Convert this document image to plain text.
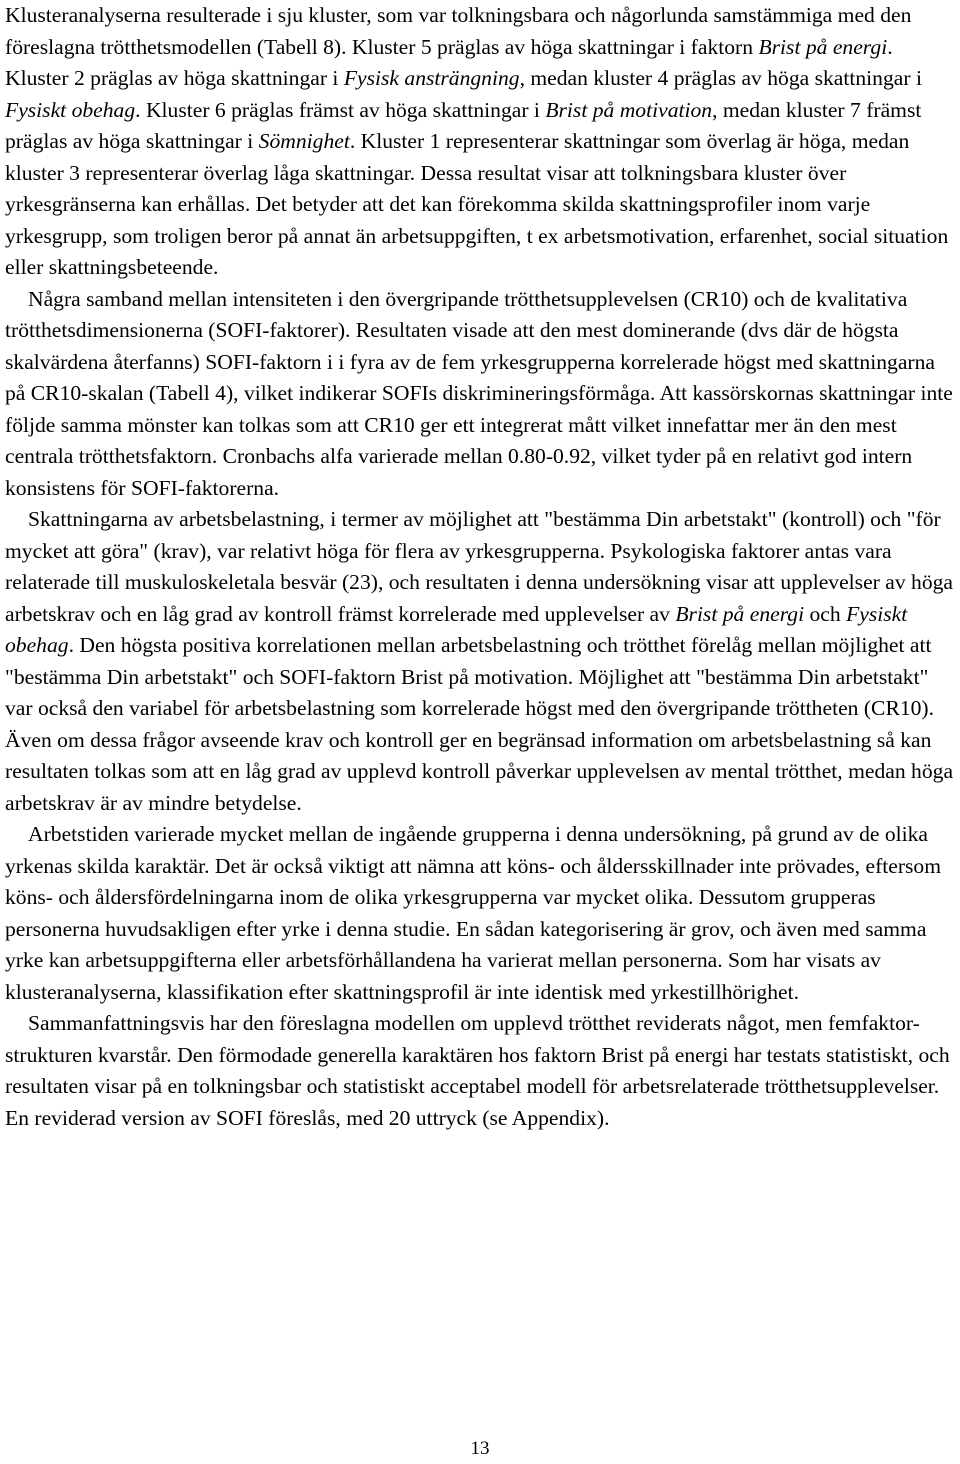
Klusteranalyserna resulterade i sju kluster, som var tolkningsbara och någorlunda samstämmiga med den föreslagna trötthetsmodellen (Tabell 8). Kluster 5 präglas av höga skattningar i faktorn Brist på energi. Kluster 2 präglas av höga skattningar i Fysisk ansträngning, medan kluster 4 präglas av höga skattningar i Fysiskt obehag. Kluster 6 präglas främst av höga skattningar i Brist på motivation, medan kluster 7 främst präglas av höga skattningar i Sömnighet. Kluster 1 representerar skattningar som överlag är höga, medan kluster 3 representerar överlag låga skattningar. Dessa resultat visar att tolkningsbara kluster över yrkesgränserna kan erhållas. Det betyder att det kan förekomma skilda skattningsprofiler inom varje yrkesgrupp, som troligen beror på annat än arbetsuppgiften, t ex arbetsmotivation, erfarenhet, social situation eller skattningsbeteende.

Några samband mellan intensiteten i den övergripande trötthetsupplevelsen (CR10) och de kvalitativa trötthetsdimensionerna (SOFI-faktorer). Resultaten visade att den mest dominerande (dvs där de högsta skalvärdena återfanns) SOFI-faktorn i i fyra av de fem yrkesgrupperna korrelerade högst med skattningarna på CR10-skalan (Tabell 4), vilket indikerar SOFIs diskrimineringsförmåga. Att kassörskornas skattningar inte följde samma mönster kan tolkas som att CR10 ger ett integrerat mått vilket innefattar mer än den mest centrala trötthetsfaktorn. Cronbachs alfa varierade mellan 0.80-0.92, vilket tyder på en relativt god intern konsistens för SOFI-faktorerna.

Skattningarna av arbetsbelastning, i termer av möjlighet att "bestämma Din arbetstakt" (kontroll) och "för mycket att göra" (krav), var relativt höga för flera av yrkesgrupperna. Psykologiska faktorer antas vara relaterade till muskuloskeletala besvär (23), och resultaten i denna undersökning visar att upplevelser av höga arbetskrav och en låg grad av kontroll främst korrelerade med upplevelser av Brist på energi och Fysiskt obehag. Den högsta positiva korrelationen mellan arbetsbelastning och trötthet förelåg mellan möjlighet att "bestämma Din arbetstakt" och SOFI-faktorn Brist på motivation. Möjlighet att "bestämma Din arbetstakt" var också den variabel för arbetsbelastning som korrelerade högst med den övergripande tröttheten (CR10). Även om dessa frågor avseende krav och kontroll ger en begränsad information om arbetsbelastning så kan resultaten tolkas som att en låg grad av upplevd kontroll påverkar upplevelsen av mental trötthet, medan höga arbetskrav är av mindre betydelse.

Arbetstiden varierade mycket mellan de ingående grupperna i denna undersökning, på grund av de olika yrkenas skilda karaktär. Det är också viktigt att nämna att köns- och åldersskillnader inte prövades, eftersom köns- och åldersfördelningarna inom de olika yrkesgrupperna var mycket olika. Dessutom grupperas personerna huvudsakligen efter yrke i denna studie. En sådan kategorisering är grov, och även med samma yrke kan arbetsuppgifterna eller arbetsförhållandena ha varierat mellan personerna. Som har visats av klusteranalyserna, klassifikation efter skattningsprofil är inte identisk med yrkestillhörighet.

Sammanfattningsvis har den föreslagna modellen om upplevd trötthet reviderats något, men femfaktor-strukturen kvarstår. Den förmodade generella karaktären hos faktorn Brist på energi har testats statistiskt, och resultaten visar på en tolkningsbar och statistiskt acceptabel modell för arbetsrelaterade trötthetsupplevelser. En reviderad version av SOFI föreslås, med 20 uttryck (se Appendix).

13
